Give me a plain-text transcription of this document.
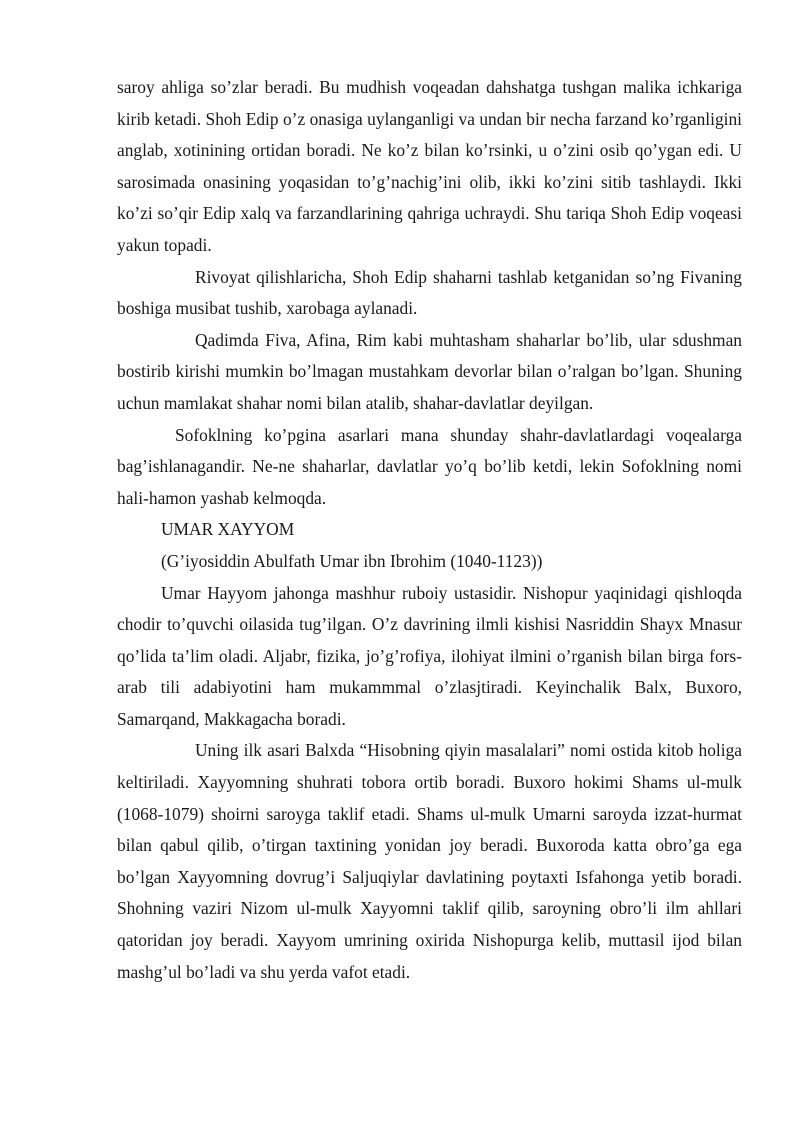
saroy ahliga so’zlar beradi. Bu mudhish voqeadan dahshatga tushgan malika ichkariga kirib ketadi. Shoh Edip o’z onasiga uylanganligi va undan bir necha farzand ko’rganligini anglab, xotinining ortidan boradi. Ne ko’z bilan ko’rsinki, u o’zini osib qo’ygan edi. U sarosimada onasining yoqasidan to’g’nachig’ini olib, ikki ko’zini sitib tashlaydi. Ikki ko’zi so’qir Edip xalq va farzandlarining qahriga uchraydi. Shu tariqa Shoh Edip voqeasi yakun topadi.

Rivoyat qilishlaricha, Shoh Edip shaharni tashlab ketganidan so’ng Fivaning boshiga musibat tushib, xarobaga aylanadi.

Qadimda Fiva, Afina, Rim kabi muhtasham shaharlar bo’lib, ular sdushman bostirib kirishi mumkin bo’lmagan mustahkam devorlar bilan o’ralgan bo’lgan. Shuning uchun mamlakat shahar nomi bilan atalib, shahar-davlatlar deyilgan.

Sofoklning ko’pgina asarlari mana shunday shahr-davlatlardagi voqealarga bag’ishlanagandir. Ne-ne shaharlar, davlatlar yo’q bo’lib ketdi, lekin Sofoklning nomi hali-hamon yashab kelmoqda.

UMAR XAYYOM

(G’iyosiddin Abulfath Umar ibn Ibrohim (1040-1123))

Umar Hayyom jahonga mashhur ruboiy ustasidir. Nishopur yaqinidagi qishloqda chodir to’quvchi oilasida tug’ilgan. O’z davrining ilmli kishisi Nasriddin Shayx Mnasur qo’lida ta’lim oladi. Aljabr, fizika, jo’g’rofiya, ilohiyat ilmini o’rganish bilan birga fors-arab tili adabiyotini ham mukammmal o’zlasjtiradi. Keyinchalik Balx, Buxoro, Samarqand, Makkagacha boradi.

Uning ilk asari Balxda “Hisobning qiyin masalalari” nomi ostida kitob holiga keltiriladi. Xayyomning shuhrati tobora ortib boradi. Buxoro hokimi Shams ul-mulk (1068-1079) shoirni saroyga taklif etadi. Shams ul-mulk Umarni saroyda izzat-hurmat bilan qabul qilib, o’tirgan taxtining yonidan joy beradi. Buxoroda katta obro’ga ega bo’lgan Xayyomning dovrug’i Saljuqiylar davlatining poytaxti Isfahonga yetib boradi. Shohning vaziri Nizom ul-mulk Xayyomni taklif qilib, saroyning obro’li ilm ahllari qatoridan joy beradi. Xayyom umrining oxirida Nishopurga kelib, muttasil ijod bilan mashg’ul bo’ladi va shu yerda vafot etadi.
